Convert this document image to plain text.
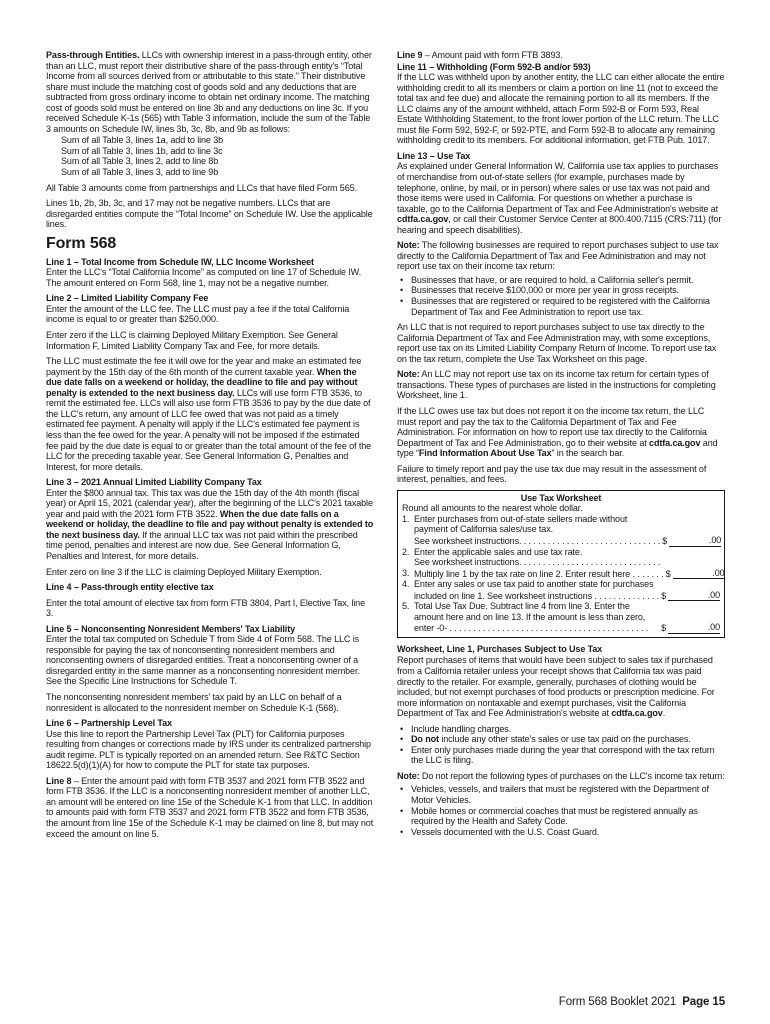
Pass-through Entities. LLCs with ownership interest in a pass-through entity, other than an LLC, must report their distributive share of the pass-through entity's “Total Income from all sources derived from or attributable to this state.” Their distributive share must include the matching cost of goods sold and any deductions that are subtracted from gross ordinary income to obtain net ordinary income. The matching cost of goods sold must be entered on line 3b and any deductions on line 3c. If you received Schedule K-1s (565) with Table 3 information, include the sum of the Table 3 amounts on Schedule IW, lines 3b, 3c, 8b, and 9b as follows:

Sum of all Table 3, lines 1a, add to line 3b
Sum of all Table 3, lines 1b, add to line 3c
Sum of all Table 3, lines 2, add to line 8b
Sum of all Table 3, lines 3, add to line 9b

All Table 3 amounts come from partnerships and LLCs that have filed Form 565.

Lines 1b, 2b, 3b, 3c, and 17 may not be negative numbers. LLCs that are disregarded entities compute the “Total Income” on Schedule IW. Use the applicable lines.

Form 568

Line 1 – Total Income from Schedule IW, LLC Income Worksheet
Enter the LLC's “Total California Income” as computed on line 17 of Schedule IW. The amount entered on Form 568, line 1, may not be a negative number.

Line 2 – Limited Liability Company Fee
Enter the amount of the LLC fee. The LLC must pay a fee if the total California income is equal to or greater than $250,000.

Enter zero if the LLC is claiming Deployed Military Exemption. See General Information F, Limited Liability Company Tax and Fee, for more details.

The LLC must estimate the fee it will owe for the year and make an estimated fee payment by the 15th day of the 6th month of the current taxable year. When the due date falls on a weekend or holiday, the deadline to file and pay without penalty is extended to the next business day. LLCs will use form FTB 3536, to remit the estimated fee. LLCs will also use form FTB 3536 to pay by the due date of the LLC's return, any amount of LLC fee owed that was not paid as a timely estimated fee payment. A penalty will apply if the LLC's estimated fee payment is less than the fee owed for the year. A penalty will not be imposed if the estimated fee paid by the due date is equal to or greater than the total amount of the fee of the LLC for the preceding taxable year. See General Information G, Penalties and Interest, for more details.

Line 3 – 2021 Annual Limited Liability Company Tax
Enter the $800 annual tax. This tax was due the 15th day of the 4th month (fiscal year) or April 15, 2021 (calendar year), after the beginning of the LLC's 2021 taxable year and paid with the 2021 form FTB 3522. When the due date falls on a weekend or holiday, the deadline to file and pay without penalty is extended to the next business day. If the annual LLC tax was not paid within the prescribed time period, penalties and interest are now due. See General Information G, Penalties and Interest, for more details.

Enter zero on line 3 if the LLC is claiming Deployed Military Exemption.

Line 4 – Pass-through entity elective tax

Enter the total amount of elective tax from form FTB 3804, Part I, Elective Tax, line 3.

Line 5 – Nonconsenting Nonresident Members' Tax Liability
Enter the total tax computed on Schedule T from Side 4 of Form 568. The LLC is responsible for paying the tax of nonconsenting nonresident members and nonconsenting owners of disregarded entities. Treat a nonconsenting owner of a disregarded entity in the same manner as a nonconsenting nonresident member. See the Specific Line Instructions for Schedule T.

The nonconsenting nonresident members' tax paid by an LLC on behalf of a nonresident is allocated to the nonresident member on Schedule K-1 (568).

Line 6 – Partnership Level Tax
Use this line to report the Partnership Level Tax (PLT) for California purposes resulting from changes or corrections made by IRS under its centralized partnership audit regime. PLT is typically reported on an amended return. See R&TC Section 18622.5(d)(1)(A) for how to compute the PLT for state tax purposes.

Line 8 – Enter the amount paid with form FTB 3537 and 2021 form FTB 3522 and form FTB 3536. If the LLC is a nonconsenting nonresident member of another LLC, an amount will be entered on line 15e of the Schedule K-1 from that LLC. In addition to amounts paid with form FTB 3537 and 2021 form FTB 3522 and form FTB 3536, the amount from line 15e of the Schedule K-1 may be claimed on line 8, but may not exceed the amount on line 5.

Line 9 – Amount paid with form FTB 3893.

Line 11 – Withholding (Form 592-B and/or 593)
If the LLC was withheld upon by another entity, the LLC can either allocate the entire withholding credit to all its members or claim a portion on line 11 (not to exceed the total tax and fee due) and allocate the remaining portion to all its members. If the LLC claims any of the amount withheld, attach Form 592-B or Form 593, Real Estate Withholding Statement, to the front lower portion of the LLC return. The LLC must file Form 592, 592-F, or 592-PTE, and Form 592-B to allocate any remaining withholding credit to its members. For additional information, get FTB Pub. 1017.

Line 13 – Use Tax
As explained under General Information W, California use tax applies to purchases of merchandise from out-of-state sellers (for example, purchases made by telephone, online, by mail, or in person) where sales or use tax was not paid and those items were used in California. For questions on whether a purchase is taxable, go to the California Department of Tax and Fee Administration's website at cdtfa.ca.gov, or call their Customer Service Center at 800.400.7115 (CRS:711) (for hearing and speech disabilities).

Note: The following businesses are required to report purchases subject to use tax directly to the California Department of Tax and Fee Administration and may not report use tax on their income tax return:

• Businesses that have, or are required to hold, a California seller's permit.
• Businesses that receive $100,000 or more per year in gross receipts.
• Businesses that are registered or required to be registered with the California Department of Tax and Fee Administration to report use tax.

An LLC that is not required to report purchases subject to use tax directly to the California Department of Tax and Fee Administration may, with some exceptions, report use tax on its Limited Liability Company Return of Income. To report use tax on the tax return, complete the Use Tax Worksheet on this page.

Note: An LLC may not report use tax on its income tax return for certain types of transactions. These types of purchases are listed in the instructions for completing Worksheet, line 1.

If the LLC owes use tax but does not report it on the income tax return, the LLC must report and pay the tax to the California Department of Tax and Fee Administration. For information on how to report use tax directly to the California Department of Tax and Fee Administration, go to their website at cdtfa.ca.gov and type “Find Information About Use Tax” in the search bar.

Failure to timely report and pay the use tax due may result in the assessment of interest, penalties, and fees.

Use Tax Worksheet
Round all amounts to the nearest whole dollar.
1. Enter purchases from out-of-state sellers made without
payment of California sales/use tax.
See worksheet instructions. . . . . . . . . . . . . . . . . . . . . . . . . . . . . . $	.00
2. Enter the applicable sales and use tax rate.
See worksheet instructions. . . . . . . . . . . . . . . . . . . . . . . . . . . . . .
3. Multiply line 1 by the tax rate on line 2. Enter result here . . . . . . . $	.00
4. Enter any sales or use tax paid to another state for purchases
included on line 1. See worksheet instructions . . . . . . . . . . . . . . $	.00
5. Total Use Tax Due. Subtract line 4 from line 3. Enter the
amount here and on line 13. If the amount is less than zero,
enter -0- . . . . . . . . . . . . . . . . . . . . . . . . . . . . . . . . . . . . . . . . . .	$	.00

Worksheet, Line 1, Purchases Subject to Use Tax
Report purchases of items that would have been subject to sales tax if purchased from a California retailer unless your receipt shows that California tax was paid directly to the retailer. For example, generally, purchases of clothing would be included, but not exempt purchases of food products or prescription medicine. For more information on nontaxable and exempt purchases, visit the California Department of Tax and Fee Administration's website at cdtfa.ca.gov.

• Include handling charges.
• Do not include any other state's sales or use tax paid on the purchases.
• Enter only purchases made during the year that correspond with the tax return the LLC is filing.

Note: Do not report the following types of purchases on the LLC's income tax return:

• Vehicles, vessels, and trailers that must be registered with the Department of Motor Vehicles.
• Mobile homes or commercial coaches that must be registered annually as required by the Health and Safety Code.
• Vessels documented with the U.S. Coast Guard.
Form 568 Booklet 2021 Page 15
